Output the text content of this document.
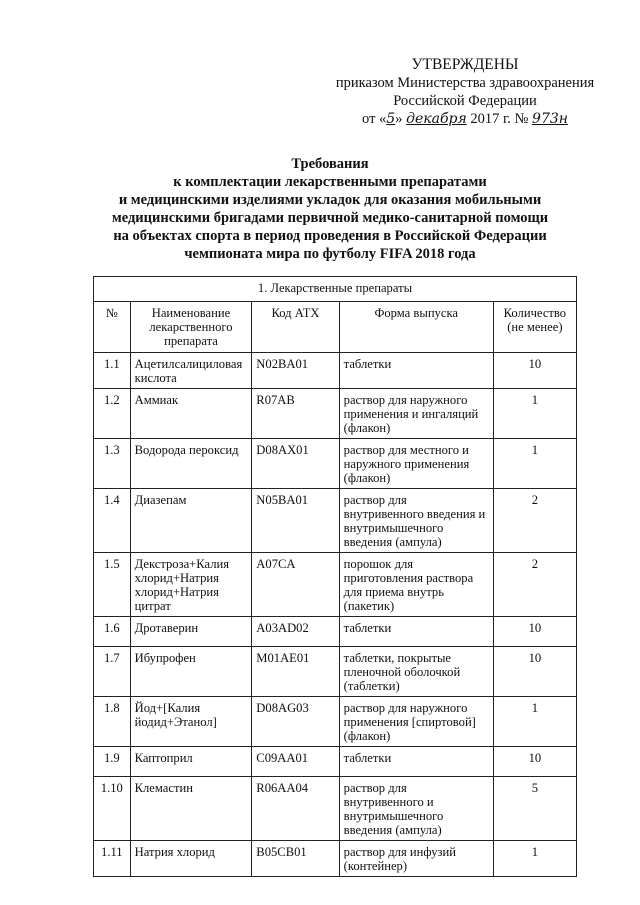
УТВЕРЖДЕНЫ
приказом Министерства здравоохранения
Российской Федерации
от «5» декабря 2017 г. № 973н
Требования
к комплектации лекарственными препаратами
и медицинскими изделиями укладок для оказания мобильными
медицинскими бригадами первичной медико-санитарной помощи
на объектах спорта в период проведения в Российской Федерации
чемпионата мира по футболу FIFA 2018 года
1. Лекарственные препараты				
№	Наименование лекарственного препарата	Код АТХ	Форма выпуска	Количество (не менее)
1.1	Ацетилсалициловая кислота	N02BA01	таблетки	10
1.2	Аммиак	R07AB	раствор для наружного применения и ингаляций (флакон)	1
1.3	Водорода пероксид	D08AX01	раствор для местного и наружного применения (флакон)	1
1.4	Диазепам	N05BA01	раствор для внутривенного введения и внутримышечного введения (ампула)	2
1.5	Декстроза+Калия хлорид+Натрия хлорид+Натрия цитрат	A07CA	порошок для приготовления раствора для приема внутрь (пакетик)	2
1.6	Дротаверин	A03AD02	таблетки	10
1.7	Ибупрофен	M01AE01	таблетки, покрытые пленочной оболочкой (таблетки)	10
1.8	Йод+[Калия йодид+Этанол]	D08AG03	раствор для наружного применения [спиртовой] (флакон)	1
1.9	Каптоприл	C09AA01	таблетки	10
1.10	Клемастин	R06AA04	раствор для внутривенного и внутримышечного введения (ампула)	5
1.11	Натрия хлорид	B05CB01	раствор для инфузий (контейнер)	1
